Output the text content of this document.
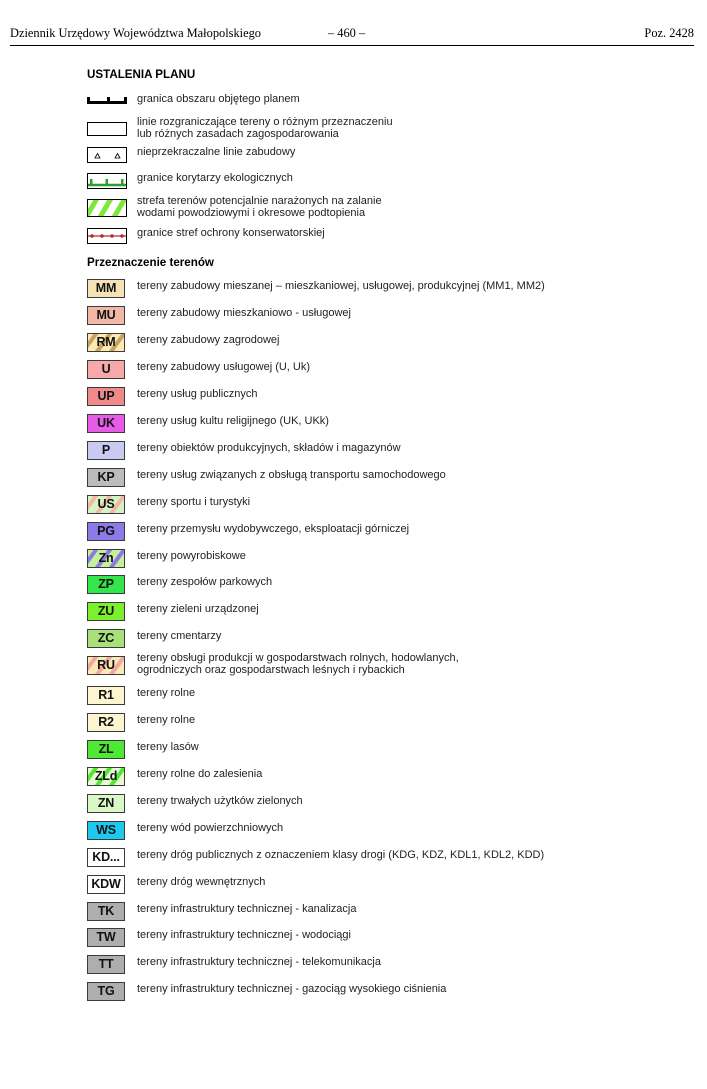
Dziennik Urzędowy Województwa Małopolskiego	– 460 –	Poz. 2428
USTALENIA PLANU
granica obszaru objętego planem
linie rozgraniczające tereny o różnym przeznaczeniu
lub różnych zasadach zagospodarowania
nieprzekraczalne linie zabudowy
granice korytarzy ekologicznych
strefa terenów potencjalnie narażonych na zalanie
wodami powodziowymi i okresowe podtopienia
granice stref ochrony konserwatorskiej
Przeznaczenie terenów
MM	tereny zabudowy mieszanej – mieszkaniowej, usługowej, produkcyjnej (MM1, MM2)
MU	tereny zabudowy mieszkaniowo - usługowej
RM	tereny zabudowy zagrodowej
U	tereny zabudowy usługowej (U, Uk)
UP	tereny usług publicznych
UK	tereny usług kultu religijnego (UK, UKk)
P	tereny obiektów produkcyjnych, składów i magazynów
KP	tereny usług związanych z obsługą transportu samochodowego
US	tereny sportu i turystyki
PG	tereny przemysłu wydobywczego, eksploatacji górniczej
Zn	tereny powyrobiskowe
ZP	tereny zespołów parkowych
ZU	tereny zieleni urządzonej
ZC	tereny cmentarzy
RU	tereny obsługi produkcji w gospodarstwach rolnych, hodowlanych,
ogrodniczych oraz gospodarstwach leśnych i rybackich
R1	tereny rolne
R2	tereny rolne
ZL	tereny lasów
ZLd	tereny rolne do zalesienia
ZN	tereny trwałych użytków zielonych
WS	tereny wód powierzchniowych
KD...	tereny dróg publicznych z oznaczeniem klasy drogi (KDG, KDZ, KDL1, KDL2, KDD)
KDW	tereny dróg wewnętrznych
TK	tereny infrastruktury technicznej - kanalizacja
TW	tereny infrastruktury technicznej - wodociągi
TT	tereny infrastruktury technicznej - telekomunikacja
TG	tereny infrastruktury technicznej - gazociąg wysokiego ciśnienia
